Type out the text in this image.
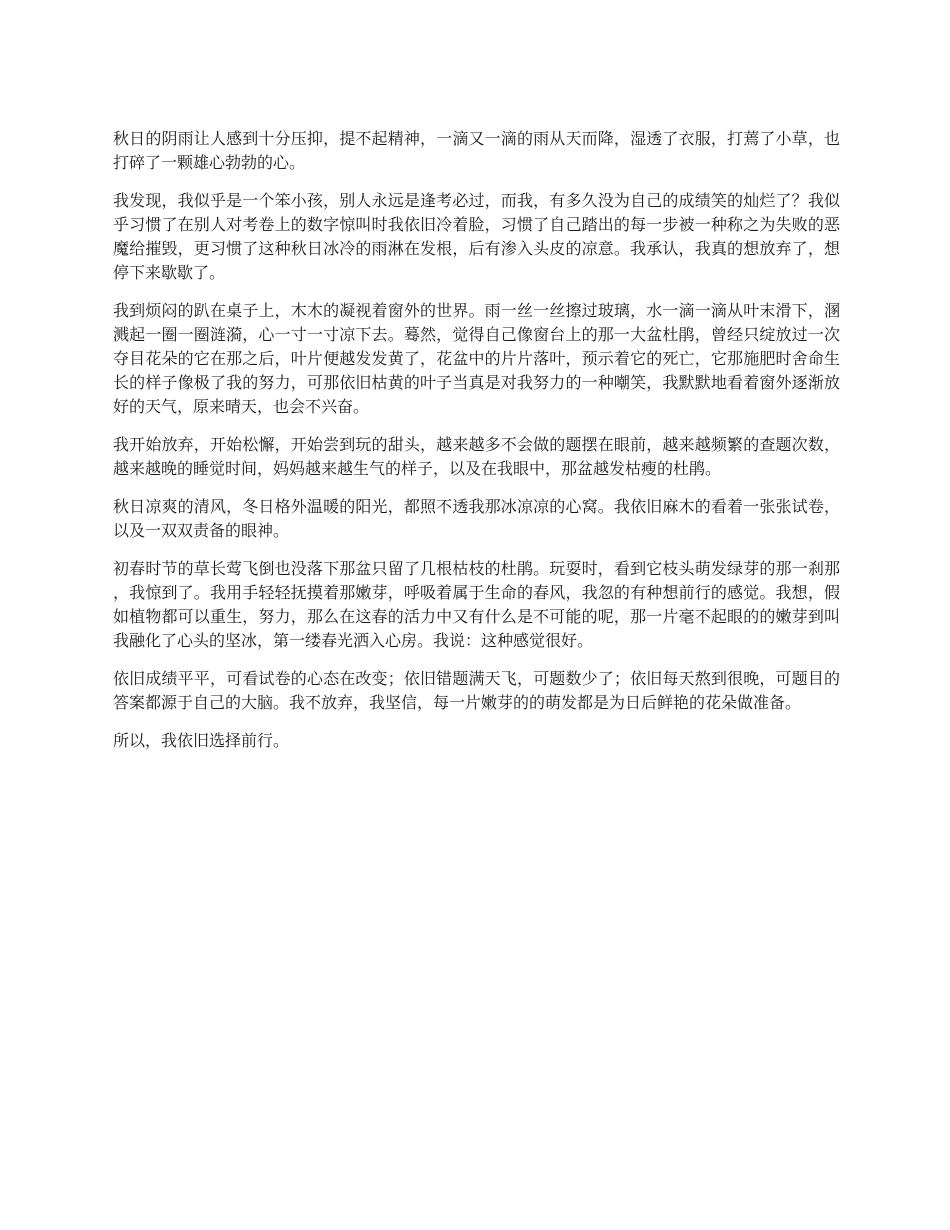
秋日的阴雨让人感到十分压抑，提不起精神，一滴又一滴的雨从天而降，湿透了衣服，打蔫了小草，也打碎了一颗雄心勃勃的心。

我发现，我似乎是一个笨小孩，别人永远是逢考必过，而我，有多久没为自己的成绩笑的灿烂了？我似乎习惯了在别人对考卷上的数字惊叫时我依旧冷着脸，习惯了自己踏出的每一步被一种称之为失败的恶魔给摧毁，更习惯了这种秋日冰冷的雨淋在发根，后有渗入头皮的凉意。我承认，我真的想放弃了，想停下来歇歇了。

我到烦闷的趴在桌子上，木木的凝视着窗外的世界。雨一丝一丝擦过玻璃，水一滴一滴从叶末滑下，溷溅起一圈一圈涟漪，心一寸一寸凉下去。蓦然，觉得自己像窗台上的那一大盆杜鹃，曾经只绽放过一次夺目花朵的它在那之后，叶片便越发发黄了，花盆中的片片落叶，预示着它的死亡，它那施肥时舍命生长的样子像极了我的努力，可那依旧枯黄的叶子当真是对我努力的一种嘲笑，我默默地看着窗外逐渐放好的天气，原来晴天，也会不兴奋。

我开始放弃，开始松懈，开始尝到玩的甜头，越来越多不会做的题摆在眼前，越来越频繁的查题次数，越来越晚的睡觉时间，妈妈越来越生气的样子，以及在我眼中，那盆越发枯瘦的杜鹃。

秋日凉爽的清风，冬日格外温暖的阳光，都照不透我那冰凉凉的心窝。我依旧麻木的看着一张张试卷，以及一双双责备的眼神。

初春时节的草长莺飞倒也没落下那盆只留了几根枯枝的杜鹃。玩耍时，看到它枝头萌发绿芽的那一刹那，我惊到了。我用手轻轻抚摸着那嫩芽，呼吸着属于生命的春风，我忽的有种想前行的感觉。我想，假如植物都可以重生，努力，那么在这春的活力中又有什么是不可能的呢，那一片毫不起眼的的嫩芽到叫我融化了心头的坚冰，第一缕春光洒入心房。我说：这种感觉很好。

依旧成绩平平，可看试卷的心态在改变；依旧错题满天飞，可题数少了；依旧每天熬到很晚，可题目的答案都源于自己的大脑。我不放弃，我坚信，每一片嫩芽的的萌发都是为日后鲜艳的花朵做准备。

所以，我依旧选择前行。
